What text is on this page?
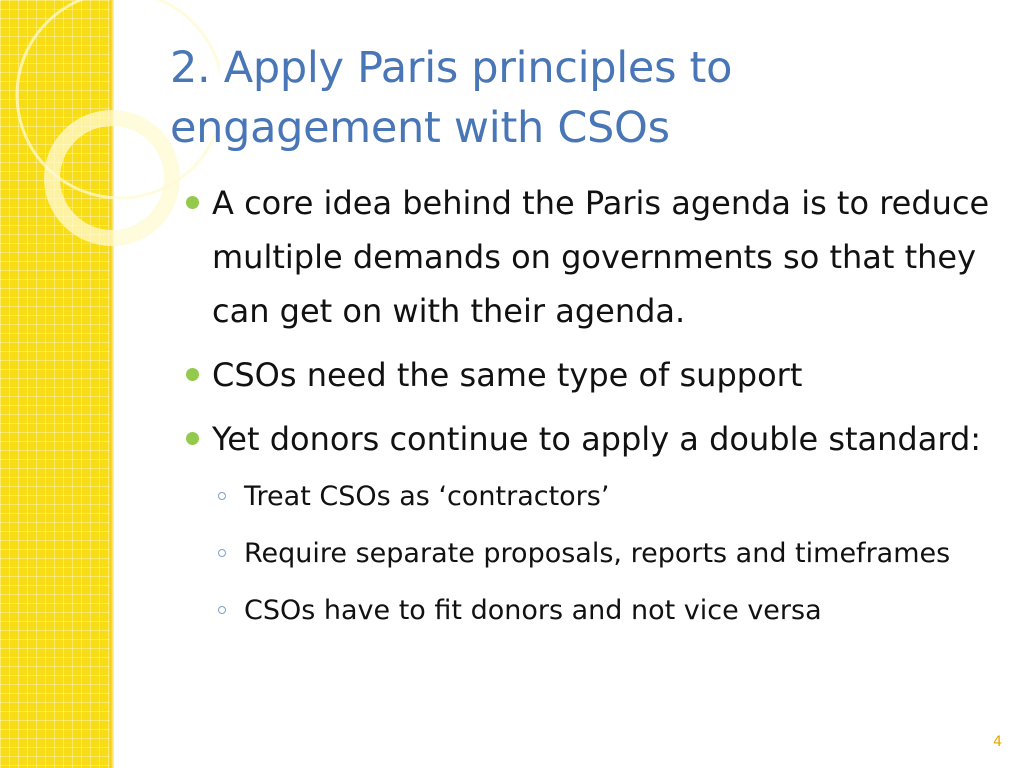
2. Apply Paris principles to engagement with CSOs
A core idea behind the Paris agenda is to reduce multiple demands on governments so that they can get on with their agenda.
CSOs need the same type of support
Yet donors continue to apply a double standard:
Treat CSOs as ‘contractors’
Require separate proposals, reports and timeframes
CSOs have to fit donors and not vice versa
4
